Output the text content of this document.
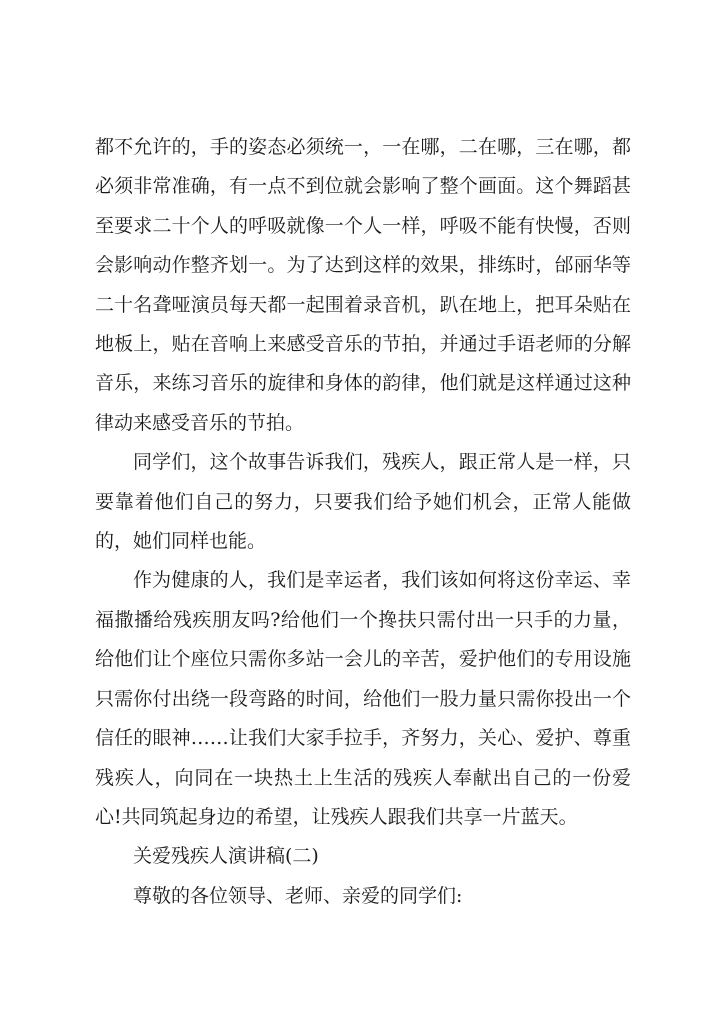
都不允许的，手的姿态必须统一，一在哪，二在哪，三在哪，都必须非常准确，有一点不到位就会影响了整个画面。这个舞蹈甚至要求二十个人的呼吸就像一个人一样，呼吸不能有快慢，否则会影响动作整齐划一。为了达到这样的效果，排练时，邰丽华等二十名聋哑演员每天都一起围着录音机，趴在地上，把耳朵贴在地板上，贴在音响上来感受音乐的节拍，并通过手语老师的分解音乐，来练习音乐的旋律和身体的韵律，他们就是这样通过这种律动来感受音乐的节拍。

同学们，这个故事告诉我们，残疾人，跟正常人是一样，只要靠着他们自己的努力，只要我们给予她们机会，正常人能做的，她们同样也能。

作为健康的人，我们是幸运者，我们该如何将这份幸运、幸福撒播给残疾朋友吗?给他们一个搀扶只需付出一只手的力量，给他们让个座位只需你多站一会儿的辛苦，爱护他们的专用设施只需你付出绕一段弯路的时间，给他们一股力量只需你投出一个信任的眼神……让我们大家手拉手，齐努力，关心、爱护、尊重残疾人，向同在一块热土上生活的残疾人奉献出自己的一份爱心!共同筑起身边的希望，让残疾人跟我们共享一片蓝天。

关爱残疾人演讲稿(二)

尊敬的各位领导、老师、亲爱的同学们:
